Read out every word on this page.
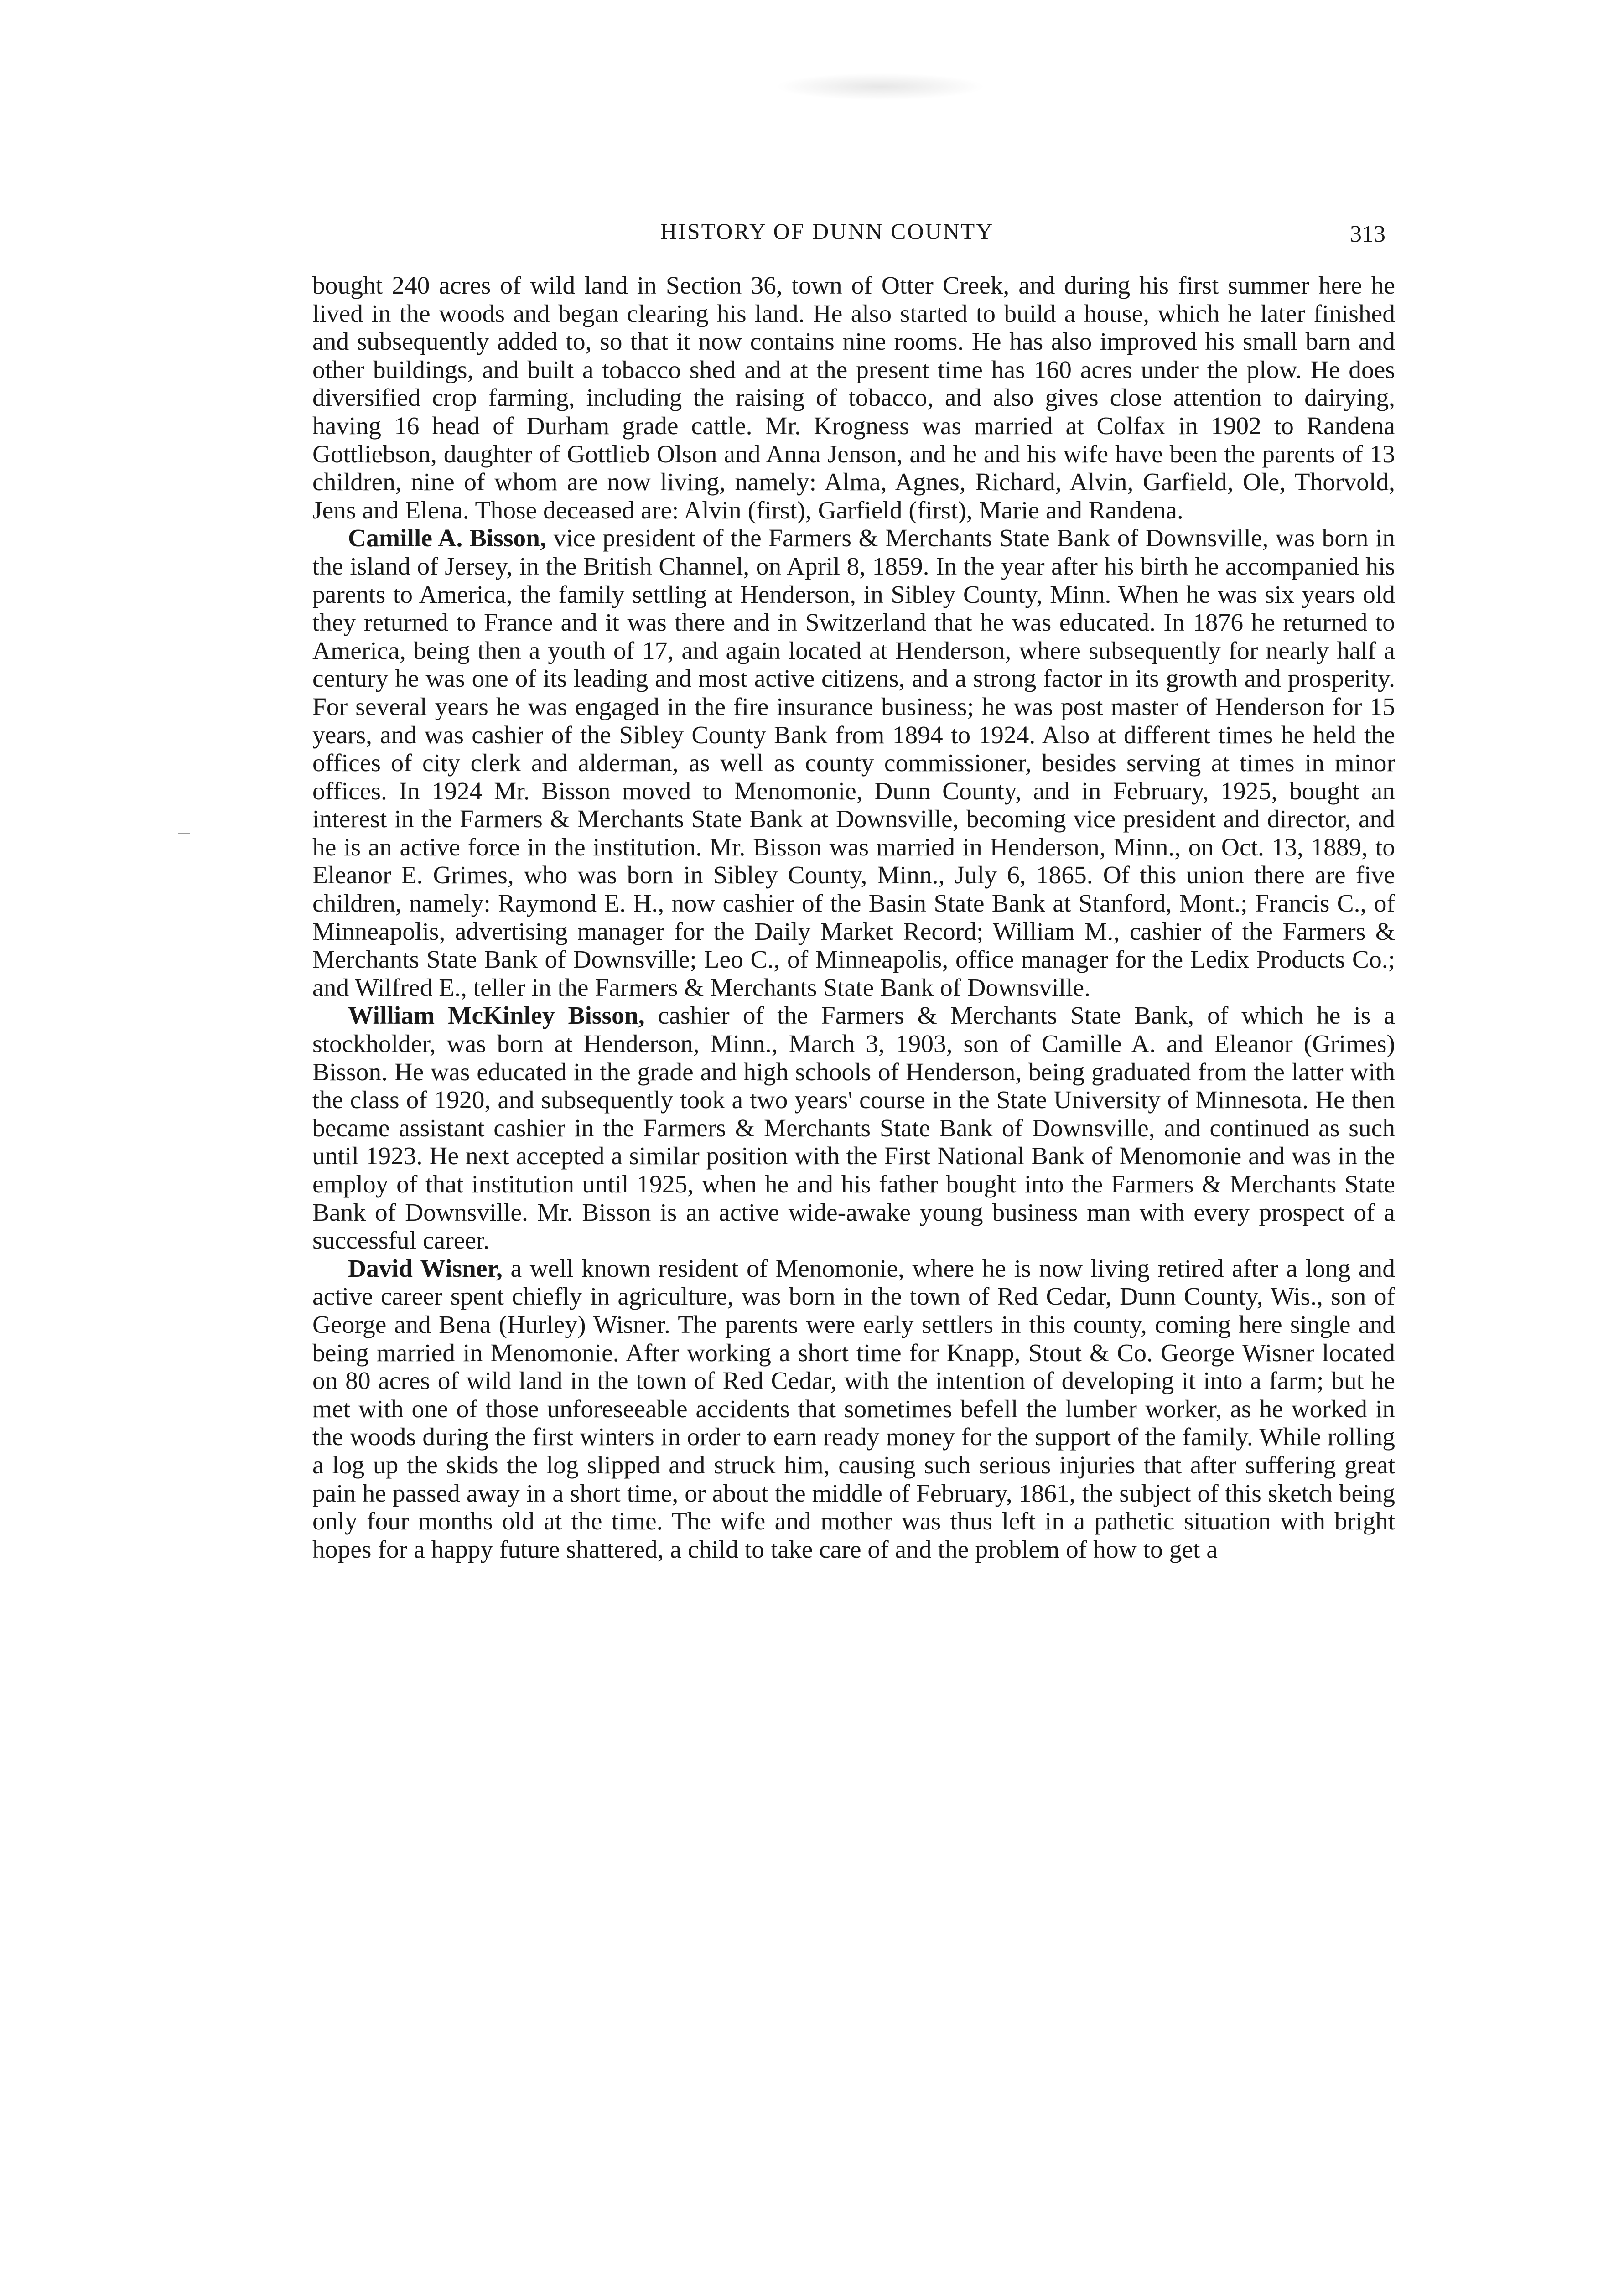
HISTORY OF DUNN COUNTY	313

bought 240 acres of wild land in Section 36, town of Otter Creek, and during his first summer here he lived in the woods and began clearing his land. He also started to build a house, which he later finished and subsequently added to, so that it now contains nine rooms. He has also improved his small barn and other buildings, and built a tobacco shed and at the present time has 160 acres under the plow. He does diversified crop farming, including the raising of tobacco, and also gives close attention to dairying, having 16 head of Durham grade cattle. Mr. Krogness was married at Colfax in 1902 to Randena Gottliebson, daughter of Gottlieb Olson and Anna Jenson, and he and his wife have been the parents of 13 children, nine of whom are now living, namely: Alma, Agnes, Richard, Alvin, Garfield, Ole, Thorvold, Jens and Elena. Those deceased are: Alvin (first), Garfield (first), Marie and Randena.

Camille A. Bisson, vice president of the Farmers & Merchants State Bank of Downsville, was born in the island of Jersey, in the British Channel, on April 8, 1859. In the year after his birth he accompanied his parents to America, the family settling at Henderson, in Sibley County, Minn. When he was six years old they returned to France and it was there and in Switzerland that he was educated. In 1876 he returned to America, being then a youth of 17, and again located at Henderson, where subsequently for nearly half a century he was one of its leading and most active citizens, and a strong factor in its growth and prosperity. For several years he was engaged in the fire insurance business; he was post master of Henderson for 15 years, and was cashier of the Sibley County Bank from 1894 to 1924. Also at different times he held the offices of city clerk and alderman, as well as county commissioner, besides serving at times in minor offices. In 1924 Mr. Bisson moved to Menomonie, Dunn County, and in February, 1925, bought an interest in the Farmers & Merchants State Bank at Downsville, becoming vice president and director, and he is an active force in the institution. Mr. Bisson was married in Henderson, Minn., on Oct. 13, 1889, to Eleanor E. Grimes, who was born in Sibley County, Minn., July 6, 1865. Of this union there are five children, namely: Raymond E. H., now cashier of the Basin State Bank at Stanford, Mont.; Francis C., of Minneapolis, advertising manager for the Daily Market Record; William M., cashier of the Farmers & Merchants State Bank of Downsville; Leo C., of Minneapolis, office manager for the Ledix Products Co.; and Wilfred E., teller in the Farmers & Merchants State Bank of Downsville.

William McKinley Bisson, cashier of the Farmers & Merchants State Bank, of which he is a stockholder, was born at Henderson, Minn., March 3, 1903, son of Camille A. and Eleanor (Grimes) Bisson. He was educated in the grade and high schools of Henderson, being graduated from the latter with the class of 1920, and subsequently took a two years' course in the State University of Minnesota. He then became assistant cashier in the Farmers & Merchants State Bank of Downsville, and continued as such until 1923. He next accepted a similar position with the First National Bank of Menomonie and was in the employ of that institution until 1925, when he and his father bought into the Farmers & Merchants State Bank of Downsville. Mr. Bisson is an active wide-awake young business man with every prospect of a successful career.

David Wisner, a well known resident of Menomonie, where he is now living retired after a long and active career spent chiefly in agriculture, was born in the town of Red Cedar, Dunn County, Wis., son of George and Bena (Hurley) Wisner. The parents were early settlers in this county, coming here single and being married in Menomonie. After working a short time for Knapp, Stout & Co. George Wisner located on 80 acres of wild land in the town of Red Cedar, with the intention of developing it into a farm; but he met with one of those unforeseeable accidents that sometimes befell the lumber worker, as he worked in the woods during the first winters in order to earn ready money for the support of the family. While rolling a log up the skids the log slipped and struck him, causing such serious injuries that after suffering great pain he passed away in a short time, or about the middle of February, 1861, the subject of this sketch being only four months old at the time. The wife and mother was thus left in a pathetic situation with bright hopes for a happy future shattered, a child to take care of and the problem of how to get a
